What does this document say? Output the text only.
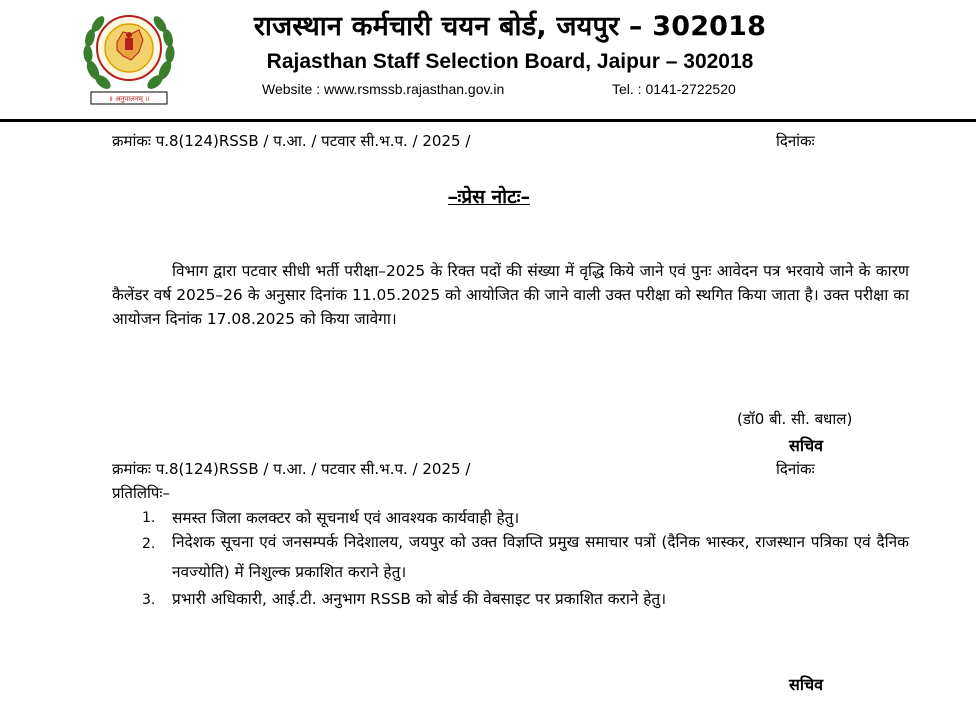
॥ अनुपालनम् ॥
राजस्थान कर्मचारी चयन बोर्ड, जयपुर – 302018
Rajasthan Staff Selection Board, Jaipur – 302018
Website : www.rsmssb.rajasthan.gov.in	Tel. : 0141-2722520
क्रमांकः प.8(124)RSSB / प.आ. / पटवार सी.भ.प. / 2025 /	दिनांकः
–ःप्रेस नोटः–
विभाग द्वारा पटवार सीधी भर्ती परीक्षा–2025 के रिक्त पदों की संख्या में वृद्धि किये जाने एवं पुनः आवेदन पत्र भरवाये जाने के कारण कैलेंडर वर्ष 2025–26 के अनुसार दिनांक 11.05.2025 को आयोजित की जाने वाली उक्त परीक्षा को स्थगित किया जाता है। उक्त परीक्षा का आयोजन दिनांक 17.08.2025 को किया जावेगा।
(डॉ0 बी. सी. बधाल)
सचिव
क्रमांकः प.8(124)RSSB / प.आ. / पटवार सी.भ.प. / 2025 /	दिनांकः
प्रतिलिपिः–
1. समस्त जिला कलक्टर को सूचनार्थ एवं आवश्यक कार्यवाही हेतु।
2. निदेशक सूचना एवं जनसम्पर्क निदेशालय, जयपुर को उक्त विज्ञप्ति प्रमुख समाचार पत्रों (दैनिक भास्कर, राजस्थान पत्रिका एवं दैनिक नवज्योति) में निशुल्क प्रकाशित कराने हेतु।
3. प्रभारी अधिकारी, आई.टी. अनुभाग RSSB को बोर्ड की वेबसाइट पर प्रकाशित कराने हेतु।
सचिव
